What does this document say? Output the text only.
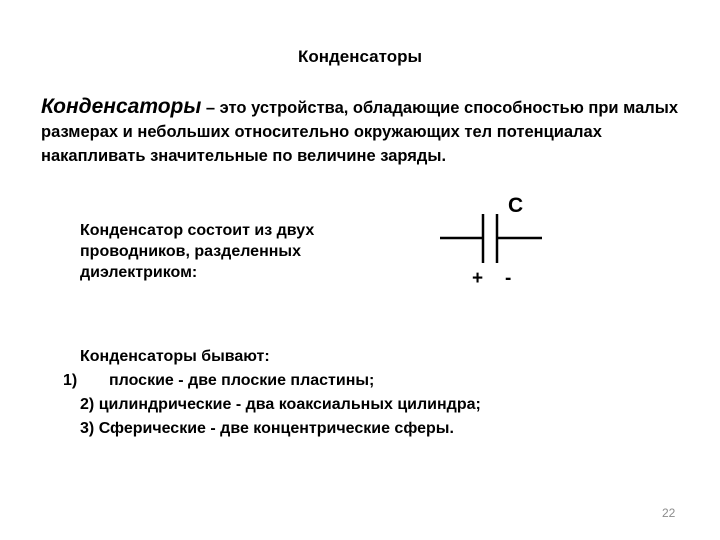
Конденсаторы
Конденсаторы – это устройства, обладающие способностью при малых размерах и небольших относительно окружающих тел потенциалах накапливать значительные по величине заряды.
Конденсатор состоит из двух проводников, разделенных диэлектриком:
C
+ -
Конденсаторы бывают:
1) плоские - две плоские пластины;
2) цилиндрические - два коаксиальных цилиндра;
3) Сферические - две концентрические сферы.
22
